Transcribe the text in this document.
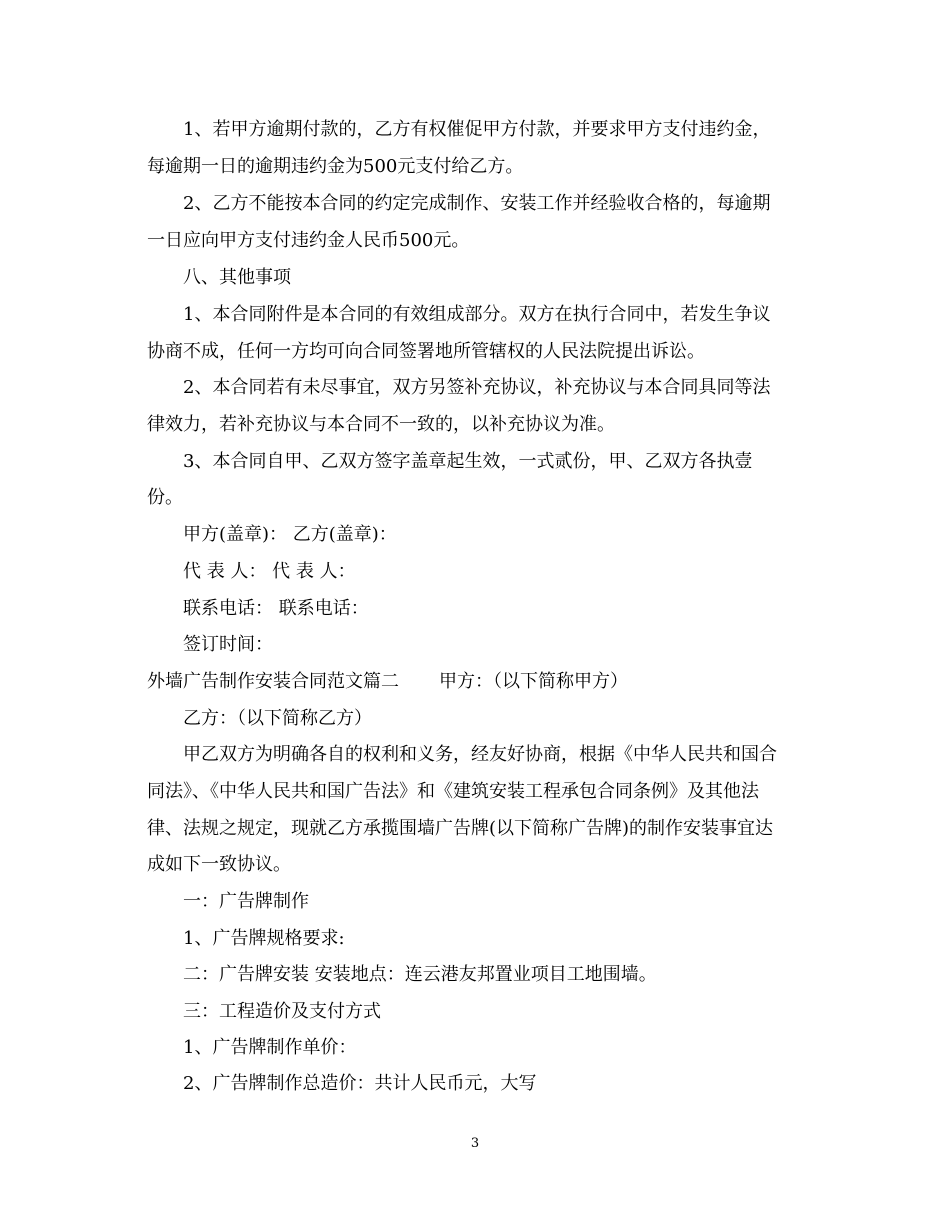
1、若甲方逾期付款的，乙方有权催促甲方付款，并要求甲方支付违约金，
每逾期一日的逾期违约金为500元支付给乙方。
2、乙方不能按本合同的约定完成制作、安装工作并经验收合格的，每逾期
一日应向甲方支付违约金人民币500元。
八、其他事项
1、本合同附件是本合同的有效组成部分。双方在执行合同中，若发生争议
协商不成，任何一方均可向合同签署地所管辖权的人民法院提出诉讼。
2、本合同若有未尽事宜，双方另签补充协议，补充协议与本合同具同等法
律效力，若补充协议与本合同不一致的，以补充协议为准。
3、本合同自甲、乙双方签字盖章起生效，一式贰份，甲、乙双方各执壹
份。
甲方(盖章)： 乙方(盖章)：
代 表 人： 代 表 人：
联系电话： 联系电话：
签订时间：
外墙广告制作安装合同范文篇二 甲方：（以下简称甲方）
乙方：（以下简称乙方）
甲乙双方为明确各自的权利和义务，经友好协商，根据《中华人民共和国合
同法》、《中华人民共和国广告法》和《建筑安装工程承包合同条例》及其他法
律、法规之规定，现就乙方承揽围墙广告牌(以下简称广告牌)的制作安装事宜达
成如下一致协议。
一：广告牌制作
1、广告牌规格要求:
二：广告牌安装 安装地点：连云港友邦置业项目工地围墙。
三：工程造价及支付方式
1、广告牌制作单价：
2、广告牌制作总造价：共计人民币元，大写
3
